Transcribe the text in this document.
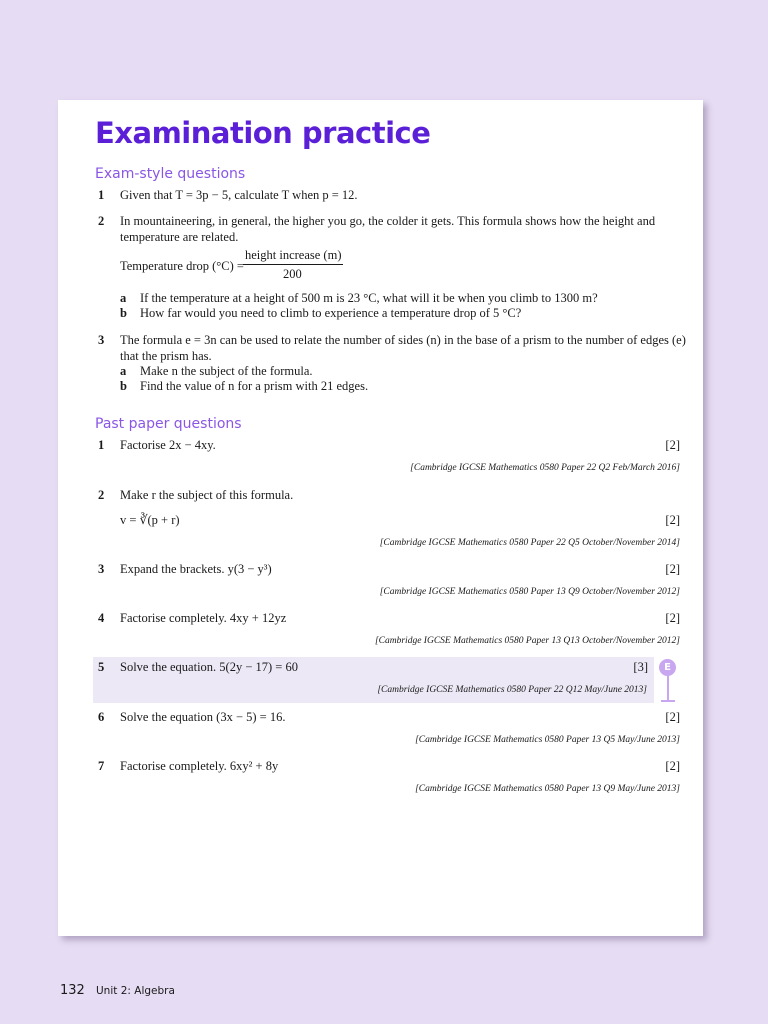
Examination practice
Exam-style questions
1 Given that T = 3p − 5, calculate T when p = 12.
2 In mountaineering, in general, the higher you go, the colder it gets. This formula shows how the height and
temperature are related.
Temperature drop (°C) =
height increase (m)
200
a If the temperature at a height of 500 m is 23 °C, what will it be when you climb to 1300 m?
b How far would you need to climb to experience a temperature drop of 5 °C?
3 The formula e = 3n can be used to relate the number of sides (n) in the base of a prism to the number of edges (e)
that the prism has.
a Make n the subject of the formula.
b Find the value of n for a prism with 21 edges.
Past paper questions
E
1 Factorise 2x − 4xy.	[2]
[Cambridge IGCSE Mathematics 0580 Paper 22 Q2 Feb/March 2016]
2 Make r the subject of this formula.
v = ∛(p + r)	[2]
[Cambridge IGCSE Mathematics 0580 Paper 22 Q5 October/November 2014]
3 Expand the brackets. y(3 − y³)	[2]
[Cambridge IGCSE Mathematics 0580 Paper 13 Q9 October/November 2012]
4 Factorise completely. 4xy + 12yz	[2]
[Cambridge IGCSE Mathematics 0580 Paper 13 Q13 October/November 2012]
5 Solve the equation. 5(2y − 17) = 60	[3]
[Cambridge IGCSE Mathematics 0580 Paper 22 Q12 May/June 2013]
6 Solve the equation (3x − 5) = 16.	[2]
[Cambridge IGCSE Mathematics 0580 Paper 13 Q5 May/June 2013]
7 Factorise completely. 6xy² + 8y	[2]
[Cambridge IGCSE Mathematics 0580 Paper 13 Q9 May/June 2013]
132 Unit 2: Algebra
